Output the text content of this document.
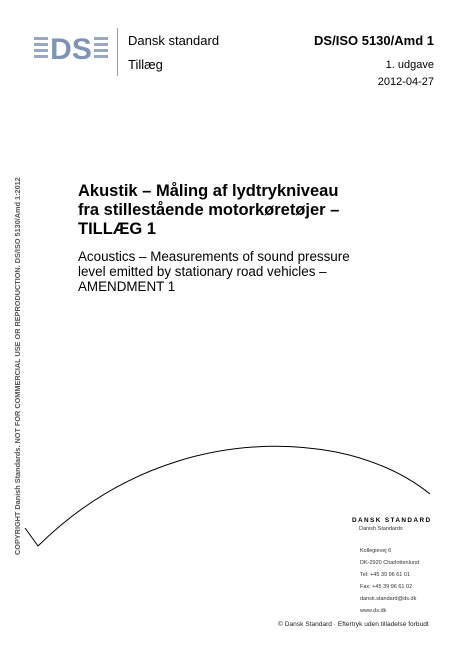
DS	Dansk standard	DS/ISO 5130/Amd 1
Tillæg	1. udgave
2012-04-27
Akustik – Måling af lydtrykniveau
fra stillestående motorkøretøjer –
TILLÆG 1
Acoustics – Measurements of sound pressure
level emitted by stationary road vehicles –
AMENDMENT 1
COPYRIGHT Danish Standards. NOT FOR COMMERCIAL USE OR REPRODUCTION. DS/ISO 5130/Amd 1:2012	DANSK STANDARD
Danish Standards
Kollegievej 6
DK-2920 Charlottenlund
Tel: +45 39 96 61 01
Fax: +45 39 96 61 02
dansk.standard@ds.dk
www.ds.dk
© Dansk Standard · Eftertryk uden tilladelse forbudt
